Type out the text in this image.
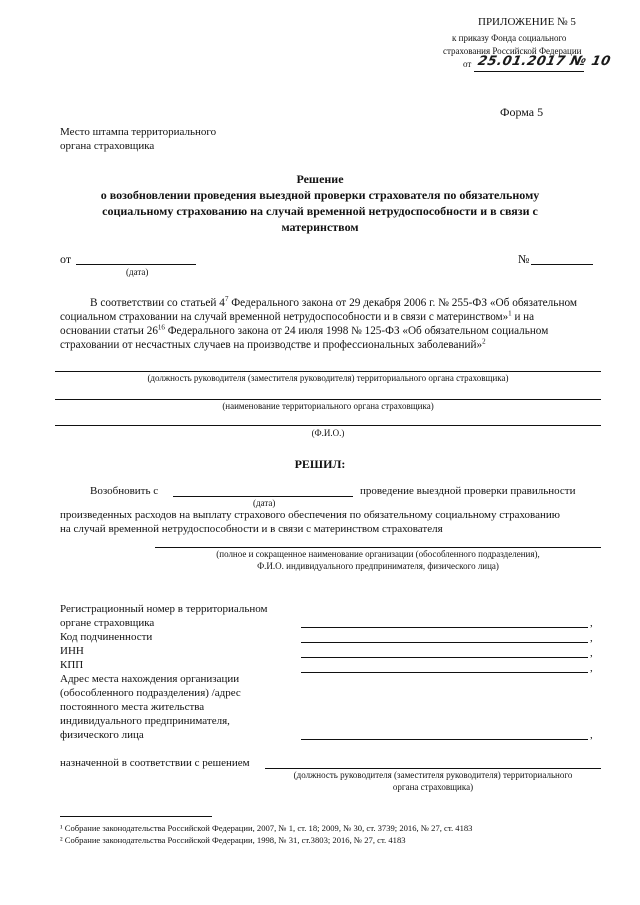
ПРИЛОЖЕНИЕ № 5
к приказу Фонда социального
страхования Российской Федерации
от 25.01.2017 № 10
Форма 5
Место штампа территориального
органа страховщика
Решение
о возобновлении проведения выездной проверки страхователя по обязательному
социальному страхованию на случай временной нетрудоспособности и в связи с
материнством
от
(дата)
№
В соответствии со статьей $4^7$ Федерального закона от 29 декабря 2006 г. № 255-ФЗ «Об обязательном
социальном страховании на случай временной нетрудоспособности и в связи с материнством»$^1$ и на
основании статьи $26^{16}$ Федерального закона от 24 июля 1998 № 125-ФЗ «Об обязательном социальном
страховании от несчастных случаев на производстве и профессиональных заболеваний»$^2$
(должность руководителя (заместителя руководителя) территориального органа страховщика)
(наименование территориального органа страховщика)
(Ф.И.О.)
РЕШИЛ:
Возобновить с
(дата)
проведение выездной проверки правильности
произведенных расходов на выплату страхового обеспечения по обязательному социальному страхованию
на случай временной нетрудоспособности и в связи с материнством страхователя
(полное и сокращенное наименование организации (обособленного подразделения),
Ф.И.О. индивидуального предпринимателя, физического лица)
Регистрационный номер в территориальном
органе страховщика	,
Код подчиненности	,
ИНН	,
КПП	,
Адрес места нахождения организации
(обособленного подразделения) /адрес
постоянного места жительства
индивидуального предпринимателя,
физического лица	,
назначенной в соответствии с решением
(должность руководителя (заместителя руководителя) территориального
органа страховщика)
¹ Собрание законодательства Российской Федерации, 2007, № 1, ст. 18; 2009, № 30, ст. 3739; 2016, № 27, ст. 4183
² Собрание законодательства Российской Федерации, 1998, № 31, ст.3803; 2016, № 27, ст. 4183
